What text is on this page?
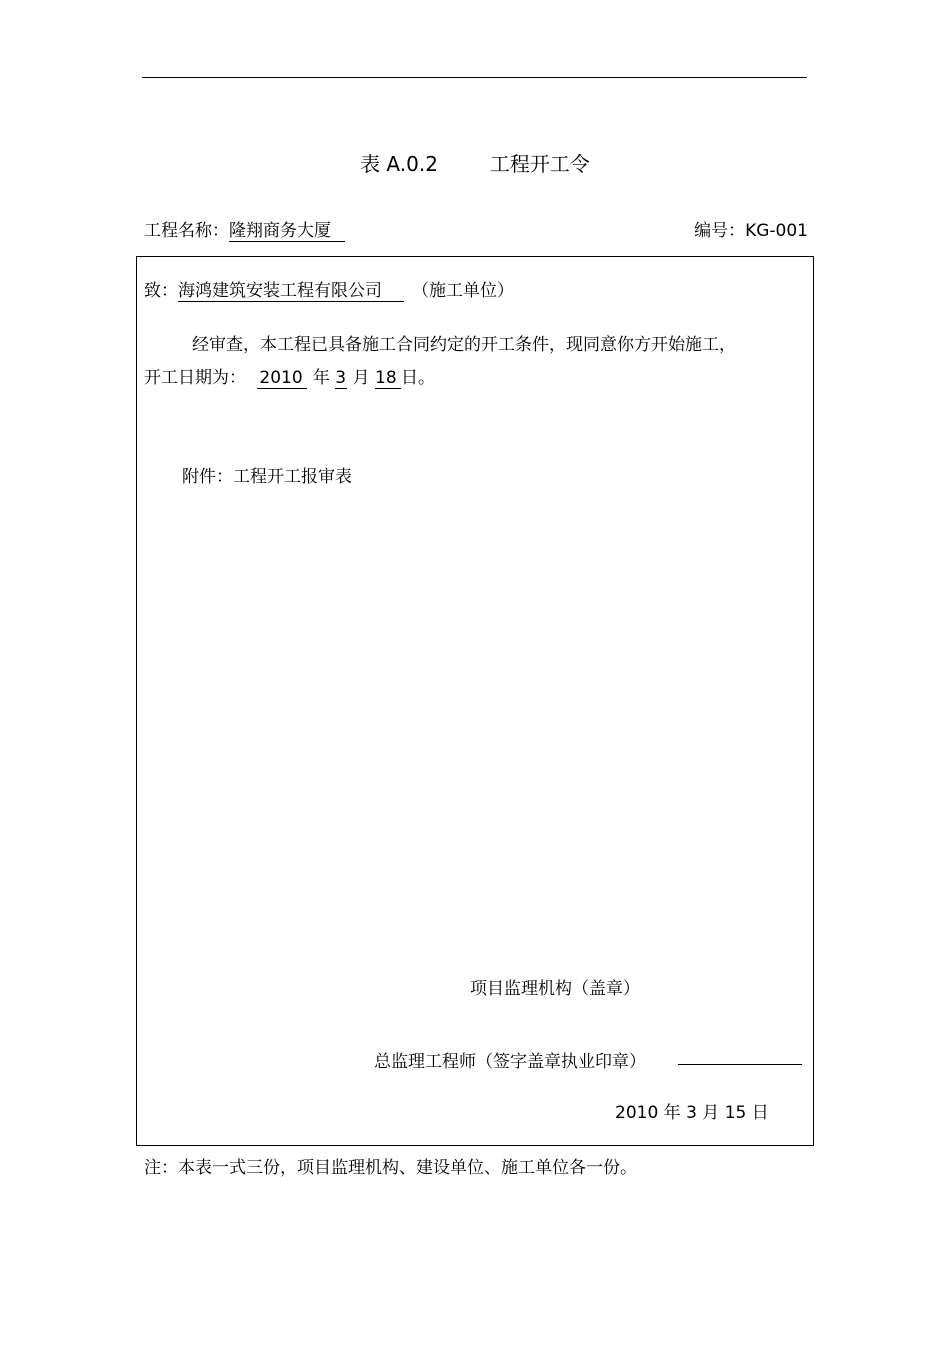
表 A.0.2	工程开工令
工程名称：隆翔商务大厦	编号：KG-001
致：海鸿建筑安装工程有限公司 （施工单位）
经审查，本工程已具备施工合同约定的开工条件，现同意你方开始施工，
开工日期为： 2010 年 3 月 18 日。
附件：工程开工报审表
项目监理机构（盖章）
总监理工程师（签字盖章执业印章）
2010 年 3 月 15 日
注：本表一式三份，项目监理机构、建设单位、施工单位各一份。
